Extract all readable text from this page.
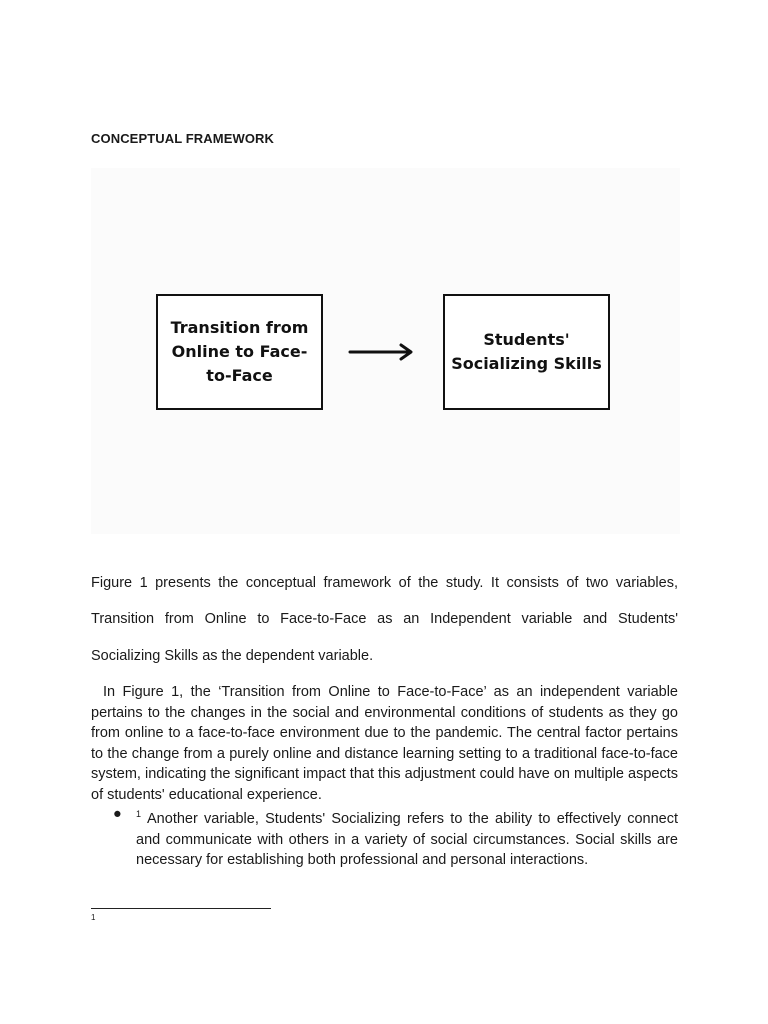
CONCEPTUAL FRAMEWORK
Transition from Online to Face-to-Face
Students' Socializing Skills

Figure 1 presents the conceptual framework of the study. It consists of two variables,

Transition from Online to Face-to-Face as an Independent variable and Students'

Socializing Skills as the dependent variable.

In Figure 1, the ‘Transition from Online to Face-to-Face’ as an independent variable pertains to the changes in the social and environmental conditions of students as they go from online to a face-to-face environment due to the pandemic. The central factor pertains to the change from a purely online and distance learning setting to a traditional face-to-face system, indicating the significant impact that this adjustment could have on multiple aspects of students' educational experience.

● $^1$ Another variable, Students' Socializing refers to the ability to effectively connect and communicate with others in a variety of social circumstances. Social skills are necessary for establishing both professional and personal interactions.

1
